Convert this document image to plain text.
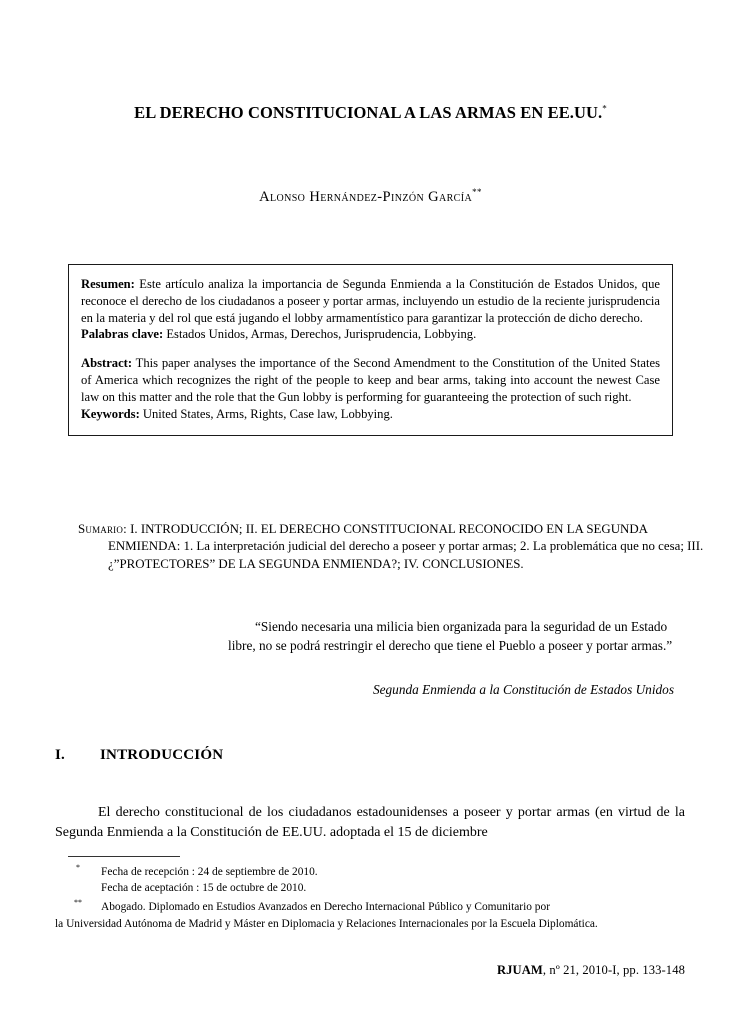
EL DERECHO CONSTITUCIONAL A LAS ARMAS EN EE.UU.*

Alonso Hernández-Pinzón García**

Resumen: Este artículo analiza la importancia de Segunda Enmienda a la Constitución de Estados Unidos, que reconoce el derecho de los ciudadanos a poseer y portar armas, incluyendo un estudio de la reciente jurisprudencia en la materia y del rol que está jugando el lobby armamentístico para garantizar la protección de dicho derecho.

Palabras clave: Estados Unidos, Armas, Derechos, Jurisprudencia, Lobbying.

Abstract: This paper analyses the importance of the Second Amendment to the Constitution of the United States of America which recognizes the right of the people to keep and bear arms, taking into account the newest Case law on this matter and the role that the Gun lobby is performing for guaranteeing the protection of such right.

Keywords: United States, Arms, Rights, Case law, Lobbying.

Sumario: I. INTRODUCCIÓN; II. EL DERECHO CONSTITUCIONAL RECONOCIDO EN LA SEGUNDA ENMIENDA: 1. La interpretación judicial del derecho a poseer y portar armas; 2. La problemática que no cesa; III. ¿”PROTECTORES” DE LA SEGUNDA ENMIENDA?; IV. CONCLUSIONES.

“Siendo necesaria una milicia bien organizada para la seguridad de un Estado libre, no se podrá restringir el derecho que tiene el Pueblo a poseer y portar armas.”

Segunda Enmienda a la Constitución de Estados Unidos

I. INTRODUCCIÓN

El derecho constitucional de los ciudadanos estadounidenses a poseer y portar armas (en virtud de la Segunda Enmienda a la Constitución de EE.UU. adoptada el 15 de diciembre

* Fecha de recepción : 24 de septiembre de 2010.

Fecha de aceptación : 15 de octubre de 2010.

** Abogado. Diplomado en Estudios Avanzados en Derecho Internacional Público y Comunitario por

la Universidad Autónoma de Madrid y Máster en Diplomacia y Relaciones Internacionales por la Escuela Diplomática.

RJUAM, nº 21, 2010-I, pp. 133-148
